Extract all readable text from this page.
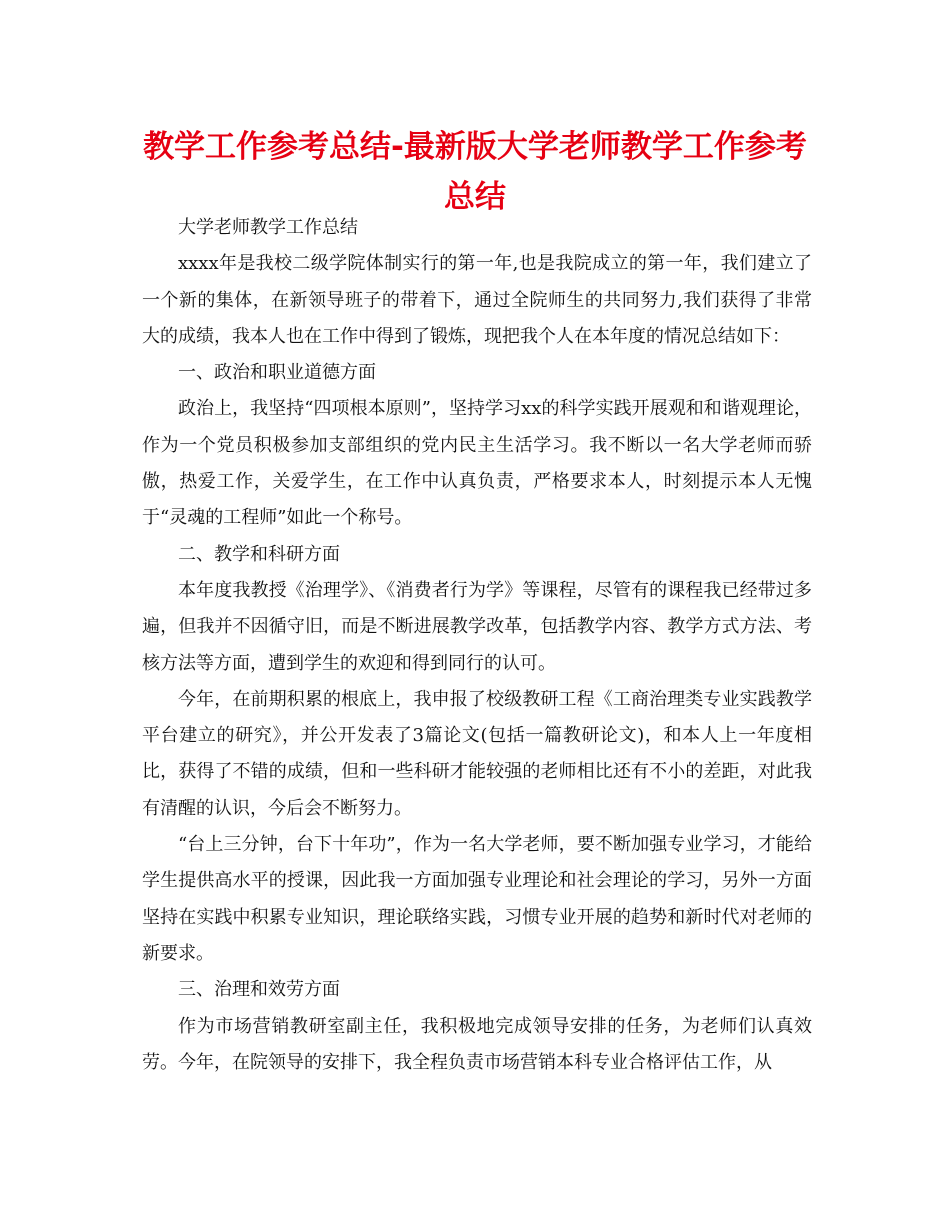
教学工作参考总结-最新版大学老师教学工作参考总结

大学老师教学工作总结

xxxx年是我校二级学院体制实行的第一年,也是我院成立的第一年，我们建立了一个新的集体，在新领导班子的带着下，通过全院师生的共同努力,我们获得了非常大的成绩，我本人也在工作中得到了锻炼，现把我个人在本年度的情况总结如下：

一、政治和职业道德方面

政治上，我坚持“四项根本原则”，坚持学习xx的科学实践开展观和和谐观理论，作为一个党员积极参加支部组织的党内民主生活学习。我不断以一名大学老师而骄傲，热爱工作，关爱学生，在工作中认真负责，严格要求本人，时刻提示本人无愧于“灵魂的工程师”如此一个称号。

二、教学和科研方面

本年度我教授《治理学》、《消费者行为学》等课程，尽管有的课程我已经带过多遍，但我并不因循守旧，而是不断进展教学改革，包括教学内容、教学方式方法、考核方法等方面，遭到学生的欢迎和得到同行的认可。

今年，在前期积累的根底上，我申报了校级教研工程《工商治理类专业实践教学平台建立的研究》，并公开发表了3篇论文(包括一篇教研论文)，和本人上一年度相比，获得了不错的成绩，但和一些科研才能较强的老师相比还有不小的差距，对此我有清醒的认识，今后会不断努力。

“台上三分钟，台下十年功”，作为一名大学老师，要不断加强专业学习，才能给学生提供高水平的授课，因此我一方面加强专业理论和社会理论的学习，另外一方面坚持在实践中积累专业知识，理论联络实践，习惯专业开展的趋势和新时代对老师的新要求。

三、治理和效劳方面

作为市场营销教研室副主任，我积极地完成领导安排的任务，为老师们认真效劳。今年，在院领导的安排下，我全程负责市场营销本科专业合格评估工作，从
